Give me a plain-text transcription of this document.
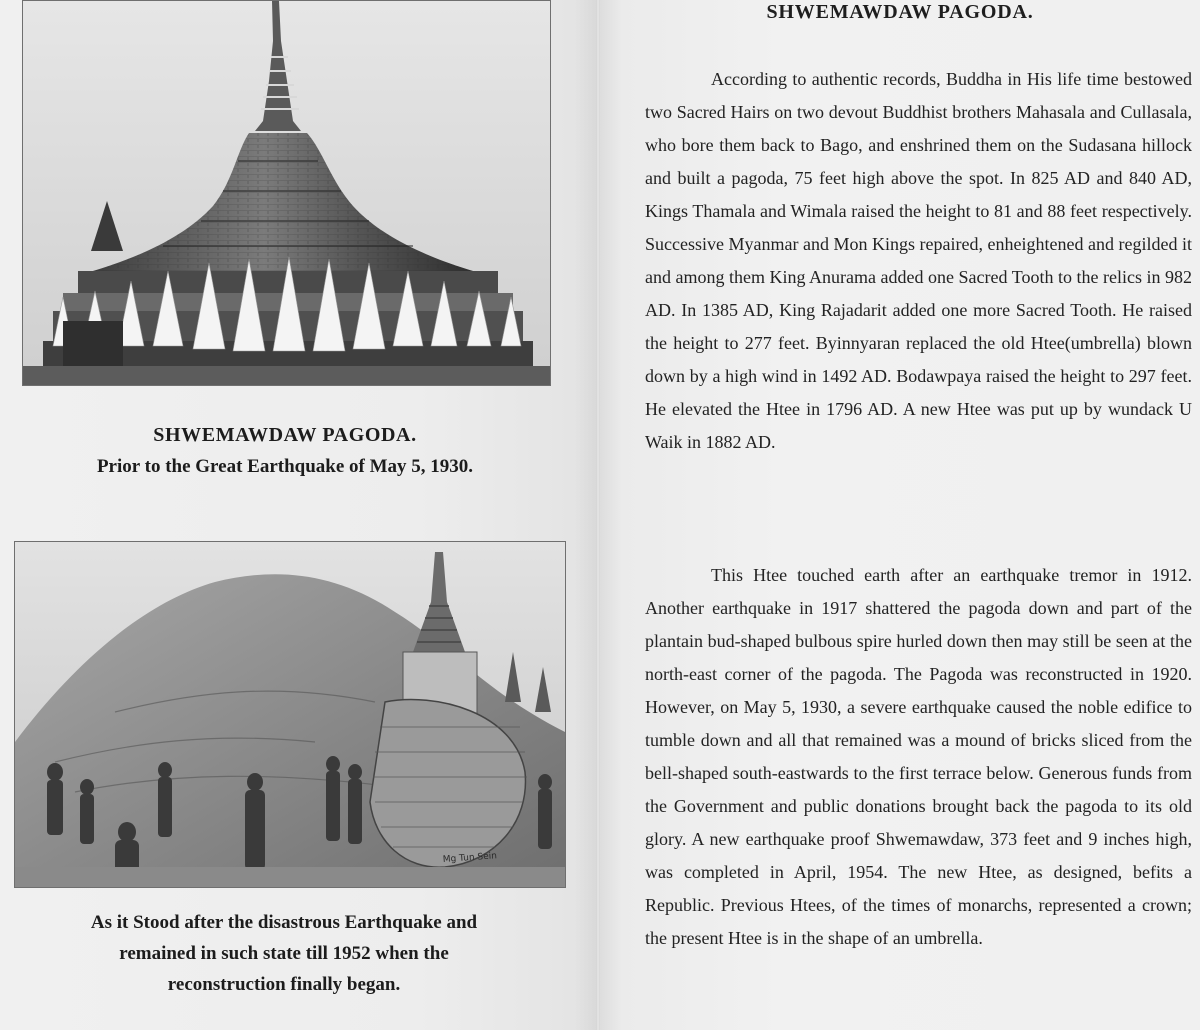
SHWEMAWDAW PAGODA.
Prior to the Great Earthquake of May 5, 1930.
Mg Tun Sein
As it Stood after the disastrous Earthquake and
remained in such state till 1952 when the
reconstruction finally began.
SHWEMAWDAW PAGODA.

According to authentic records, Buddha in His life time bestowed two Sacred Hairs on two devout Buddhist brothers Mahasala and Cullasala, who bore them back to Bago, and enshrined them on the Sudasana hillock and built a pagoda, 75 feet high above the spot. In 825 AD and 840 AD, Kings Thamala and Wimala raised the height to 81 and 88 feet respectively. Successive Myanmar and Mon Kings repaired, enheightened and regilded it and among them King Anurama added one Sacred Tooth to the relics in 982 AD. In 1385 AD, King Rajadarit added one more Sacred Tooth. He raised the height to 277 feet. Byinnyaran replaced the old Htee(umbrella) blown down by a high wind in 1492 AD. Bodawpaya raised the height to 297 feet. He elevated the Htee in 1796 AD. A new Htee was put up by wundack U Waik in 1882 AD.

This Htee touched earth after an earthquake tremor in 1912. Another earthquake in 1917 shattered the pagoda down and part of the plantain bud-shaped bulbous spire hurled down then may still be seen at the north-east corner of the pagoda. The Pagoda was reconstructed in 1920. However, on May 5, 1930, a severe earthquake caused the noble edifice to tumble down and all that remained was a mound of bricks sliced from the bell-shaped south-eastwards to the first terrace below. Generous funds from the Government and public donations brought back the pagoda to its old glory. A new earthquake proof Shwemawdaw, 373 feet and 9 inches high, was completed in April, 1954. The new Htee, as designed, befits a Republic. Previous Htees, of the times of monarchs, represented a crown; the present Htee is in the shape of an umbrella.
